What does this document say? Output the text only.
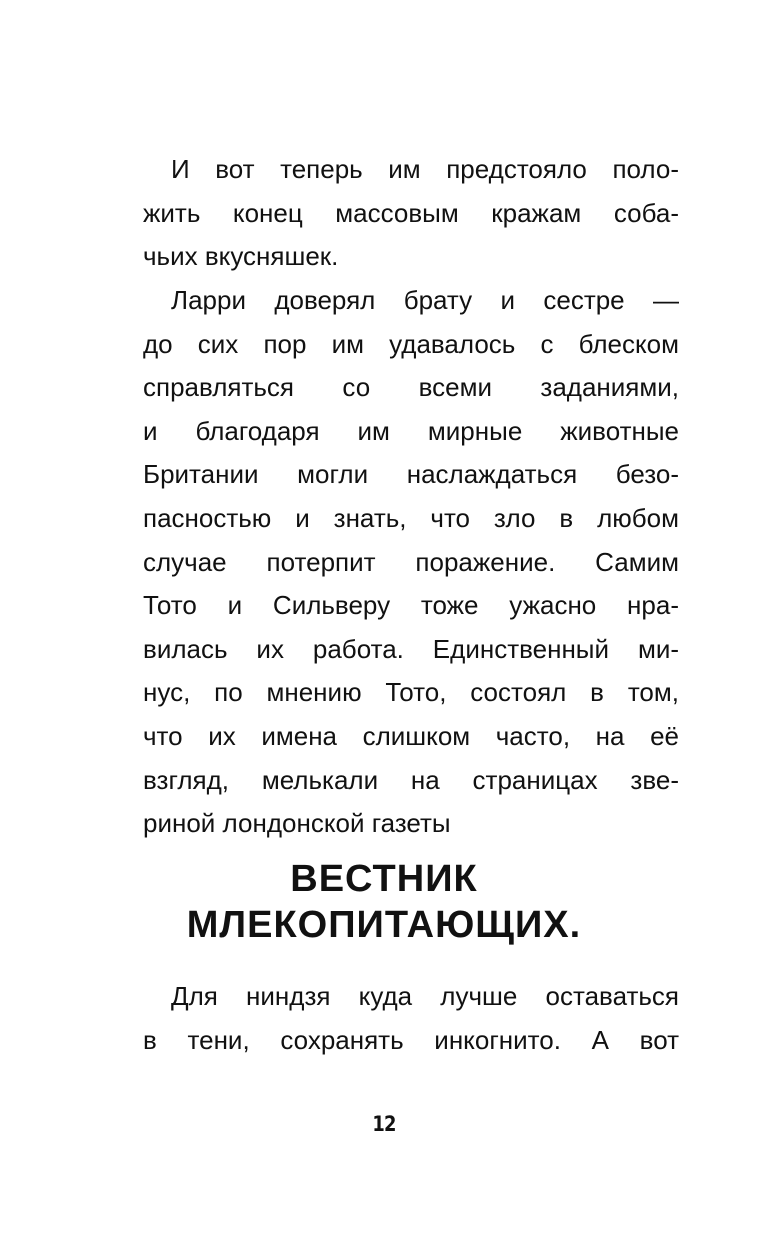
И вот теперь им предстояло поло-
жить конец массовым кражам соба-
чьих вкусняшек.
Ларри доверял брату и сестре —
до сих пор им удавалось с блеском
справляться со всеми заданиями,
и благодаря им мирные животные
Британии могли наслаждаться безо-
пасностью и знать, что зло в любом
случае потерпит поражение. Самим
Тото и Сильверу тоже ужасно нра-
вилась их работа. Единственный ми-
нус, по мнению Тото, состоял в том,
что их имена слишком часто, на её
взгляд, мелькали на страницах зве-
риной лондонской газеты
ВЕСТНИК
МЛЕКОПИТАЮЩИХ.
Для ниндзя куда лучше оставаться
в тени, сохранять инкогнито. А вот
12
